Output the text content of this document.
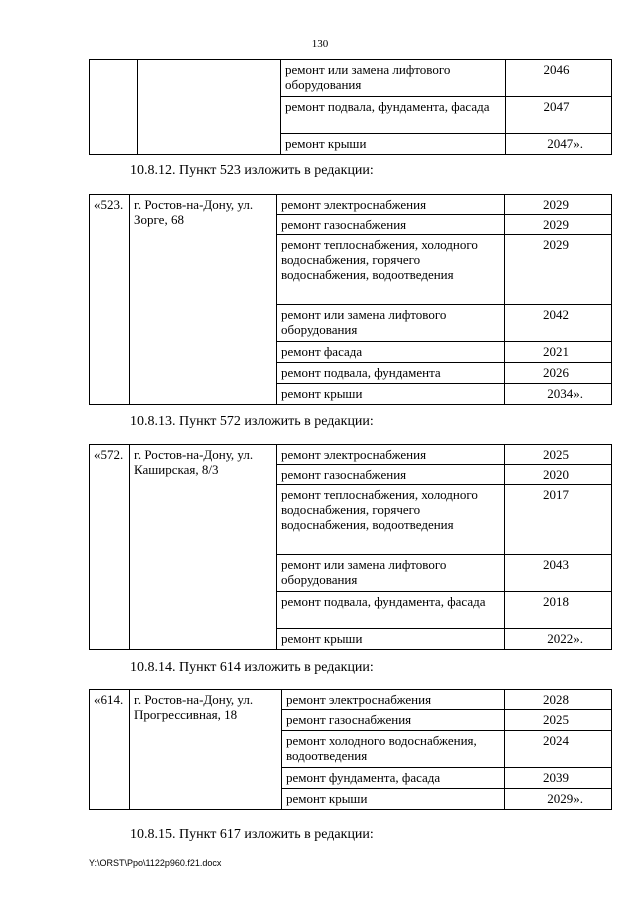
130
		ремонт или замена лифтового оборудования	2046
		ремонт подвала, фундамента, фасада	2047
		ремонт крыши	2047».
10.8.12. Пункт 523 изложить в редакции:
«523.	г. Ростов-на-Дону, ул. Зорге, 68	ремонт электроснабжения	2029
		ремонт газоснабжения	2029
		ремонт теплоснабжения, холодного водоснабжения, горячего водоснабжения, водоотведения	2029
		ремонт или замена лифтового оборудования	2042
		ремонт фасада	2021
		ремонт подвала, фундамента	2026
		ремонт крыши	2034».
10.8.13. Пункт 572 изложить в редакции:
«572.	г. Ростов-на-Дону, ул. Каширская, 8/3	ремонт электроснабжения	2025
		ремонт газоснабжения	2020
		ремонт теплоснабжения, холодного водоснабжения, горячего водоснабжения, водоотведения	2017
		ремонт или замена лифтового оборудования	2043
		ремонт подвала, фундамента, фасада	2018
		ремонт крыши	2022».
10.8.14. Пункт 614 изложить в редакции:
«614.	г. Ростов-на-Дону, ул. Прогрессивная, 18	ремонт электроснабжения	2028
		ремонт газоснабжения	2025
		ремонт холодного водоснабжения, водоотведения	2024
		ремонт фундамента, фасада	2039
		ремонт крыши	2029».
10.8.15. Пункт 617 изложить в редакции:
Y:\ORST\Ppo\1122p960.f21.docx
